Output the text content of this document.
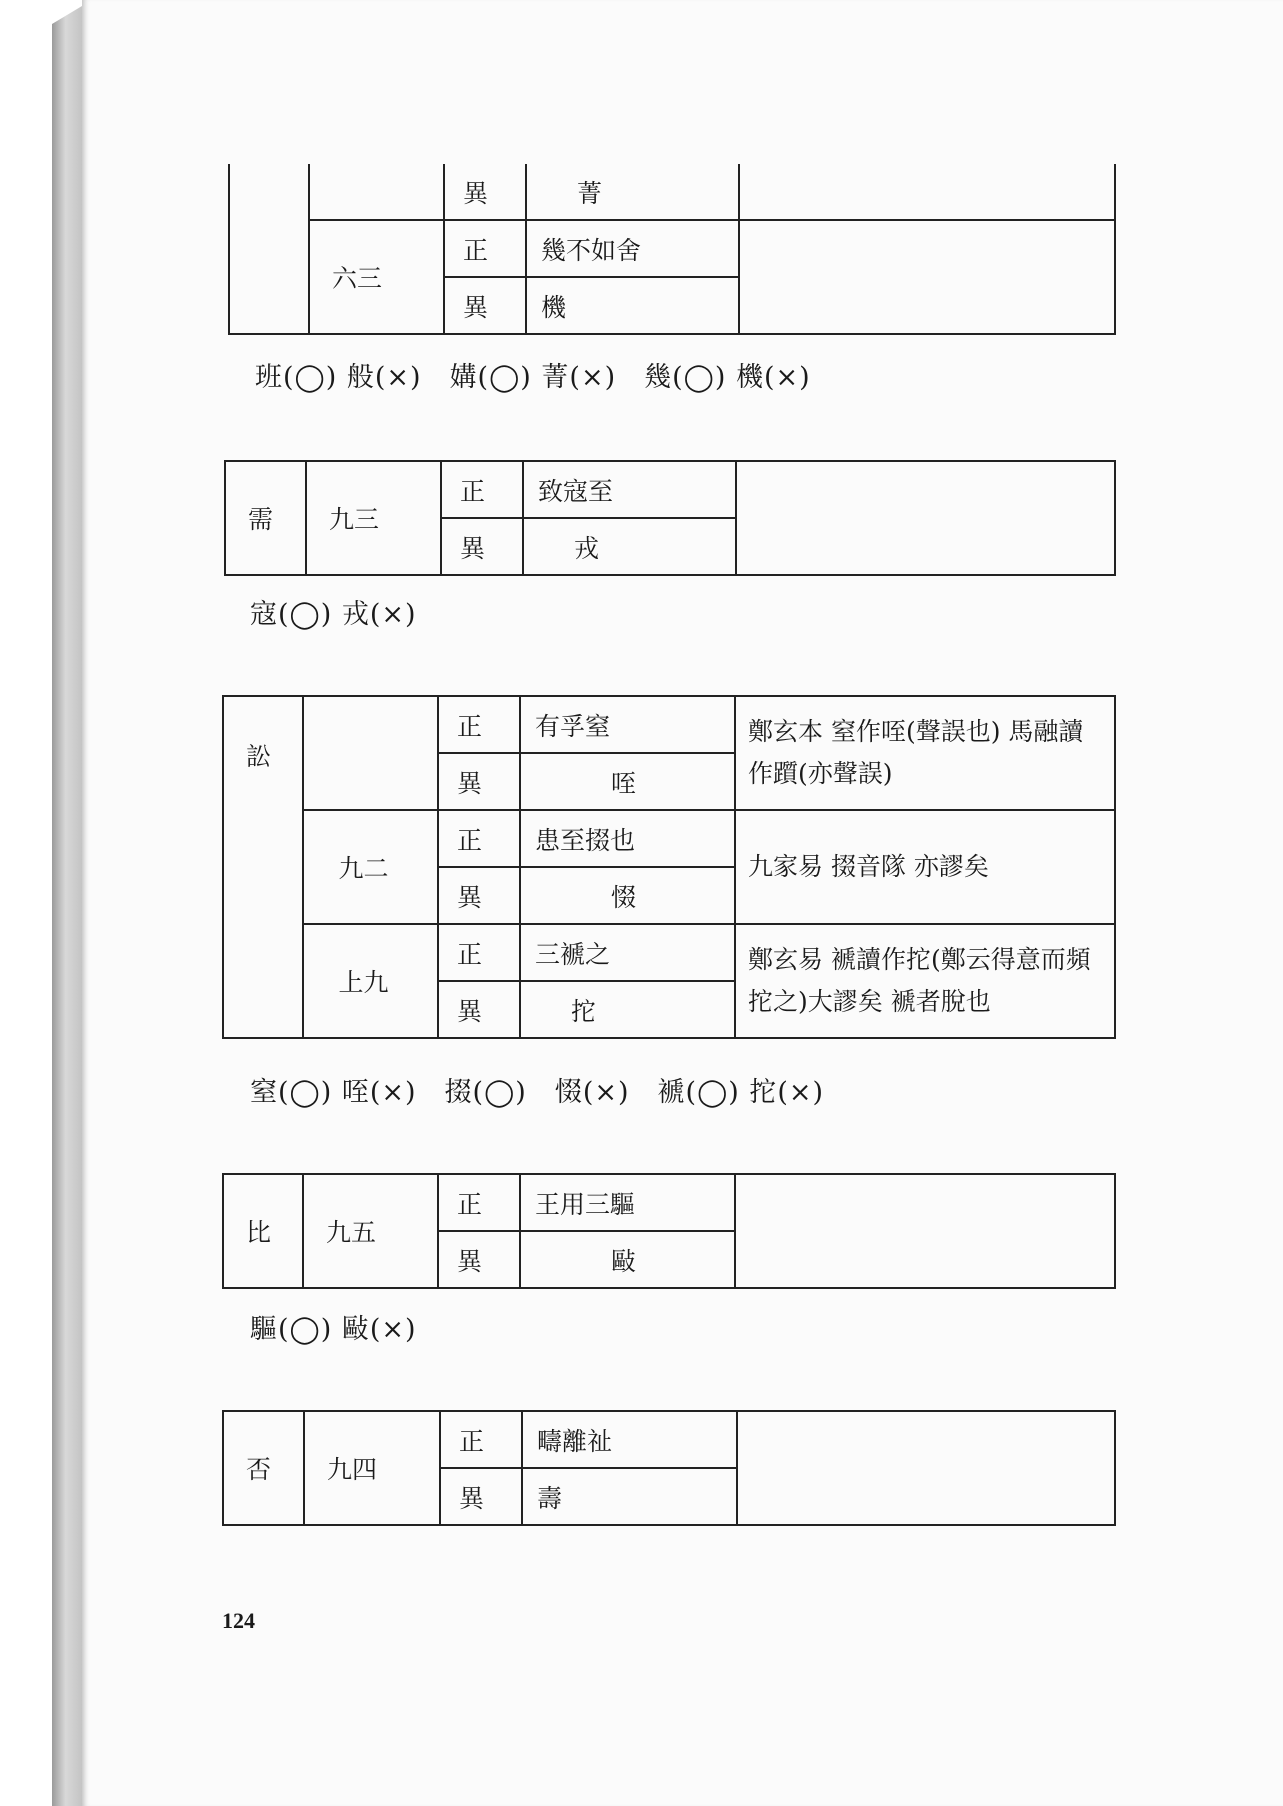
		異	菁	
	六三	正	幾不如舍	
		異	機	
班(◯) 般(×)　媾(◯) 菁(×)　幾(◯) 機(×)
需	九三	正	致寇至	
		異	戎	
寇(◯) 戎(×)
訟		正	有孚窒	鄭玄本 窒作咥(聲誤也) 馬融讀作躓(亦聲誤)
		異	咥	
	九二	正	患至掇也	九家易 掇音隊 亦謬矣
		異	惙	
	上九	正	三褫之	鄭玄易 褫讀作拕(鄭云得意而頻拕之)大謬矣 褫者脫也
		異	拕	
窒(◯) 咥(×)　掇(◯)　惙(×)　褫(◯) 拕(×)
比	九五	正	王用三驅	
		異	敺	
驅(◯) 敺(×)
否	九四	正	疇離祉	
		異	壽	
124
